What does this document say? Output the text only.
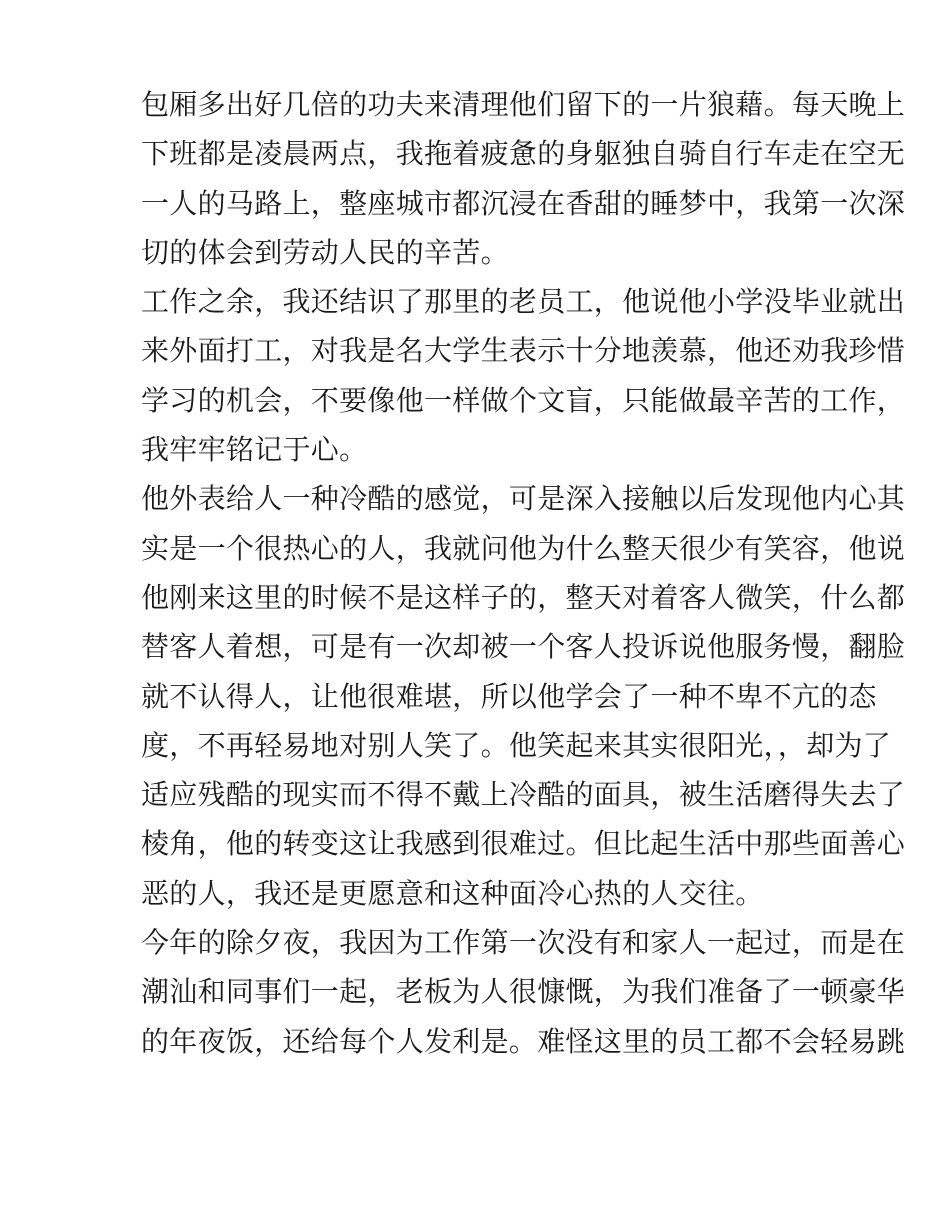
包厢多出好几倍的功夫来清理他们留下的一片狼藉。每天晚上
下班都是凌晨两点，我拖着疲惫的身躯独自骑自行车走在空无
一人的马路上，整座城市都沉浸在香甜的睡梦中，我第一次深
切的体会到劳动人民的辛苦。
工作之余，我还结识了那里的老员工，他说他小学没毕业就出
来外面打工，对我是名大学生表示十分地羡慕，他还劝我珍惜
学习的机会，不要像他一样做个文盲，只能做最辛苦的工作，
我牢牢铭记于心。
他外表给人一种冷酷的感觉，可是深入接触以后发现他内心其
实是一个很热心的人，我就问他为什么整天很少有笑容，他说
他刚来这里的时候不是这样子的，整天对着客人微笑，什么都
替客人着想，可是有一次却被一个客人投诉说他服务慢，翻脸
就不认得人，让他很难堪，所以他学会了一种不卑不亢的态
度，不再轻易地对别人笑了。他笑起来其实很阳光，，却为了
适应残酷的现实而不得不戴上冷酷的面具，被生活磨得失去了
棱角，他的转变这让我感到很难过。但比起生活中那些面善心
恶的人，我还是更愿意和这种面冷心热的人交往。
今年的除夕夜，我因为工作第一次没有和家人一起过，而是在
潮汕和同事们一起，老板为人很慷慨，为我们准备了一顿豪华
的年夜饭，还给每个人发利是。难怪这里的员工都不会轻易跳
